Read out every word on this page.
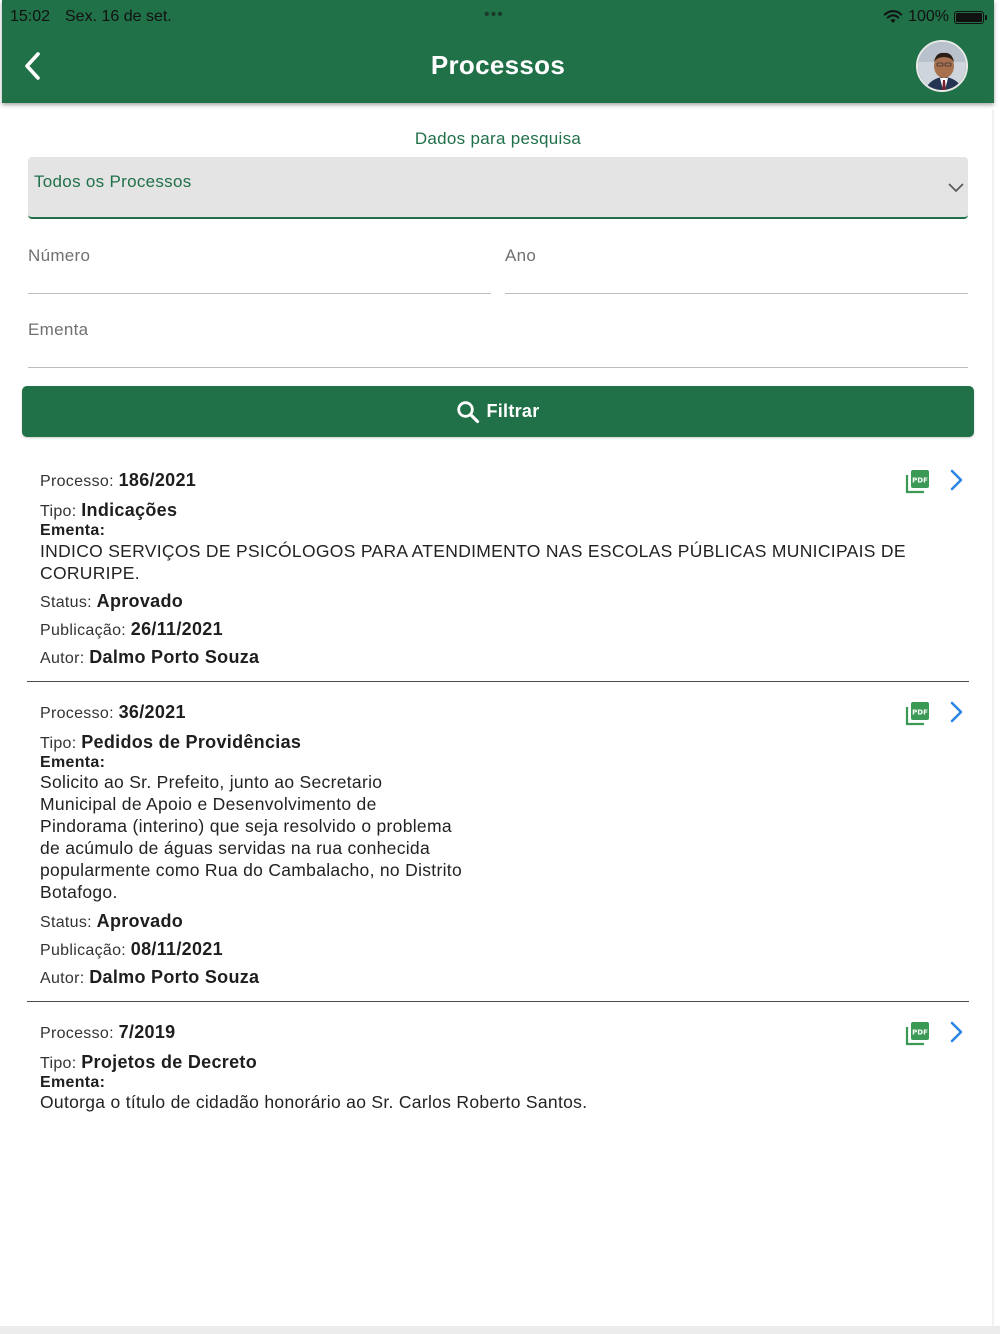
15:02 Sex. 16 de set.	•••	100%
Processos
Dados para pesquisa
Todos os Processos
Número	Ano
Ementa
Filtrar
Processo: 186/2021	PDF
Tipo: Indicações
Ementa:
INDICO SERVIÇOS DE PSICÓLOGOS PARA ATENDIMENTO NAS ESCOLAS PÚBLICAS MUNICIPAIS DE
CORURIPE.
Status: Aprovado
Publicação: 26/11/2021
Autor: Dalmo Porto Souza
Processo: 36/2021	PDF
Tipo: Pedidos de Providências
Ementa:
Solicito ao Sr. Prefeito, junto ao Secretario
Municipal de Apoio e Desenvolvimento de
Pindorama (interino) que seja resolvido o problema
de acúmulo de águas servidas na rua conhecida
popularmente como Rua do Cambalacho, no Distrito
Botafogo.
Status: Aprovado
Publicação: 08/11/2021
Autor: Dalmo Porto Souza
Processo: 7/2019	PDF
Tipo: Projetos de Decreto
Ementa:
Outorga o título de cidadão honorário ao Sr. Carlos Roberto Santos.
